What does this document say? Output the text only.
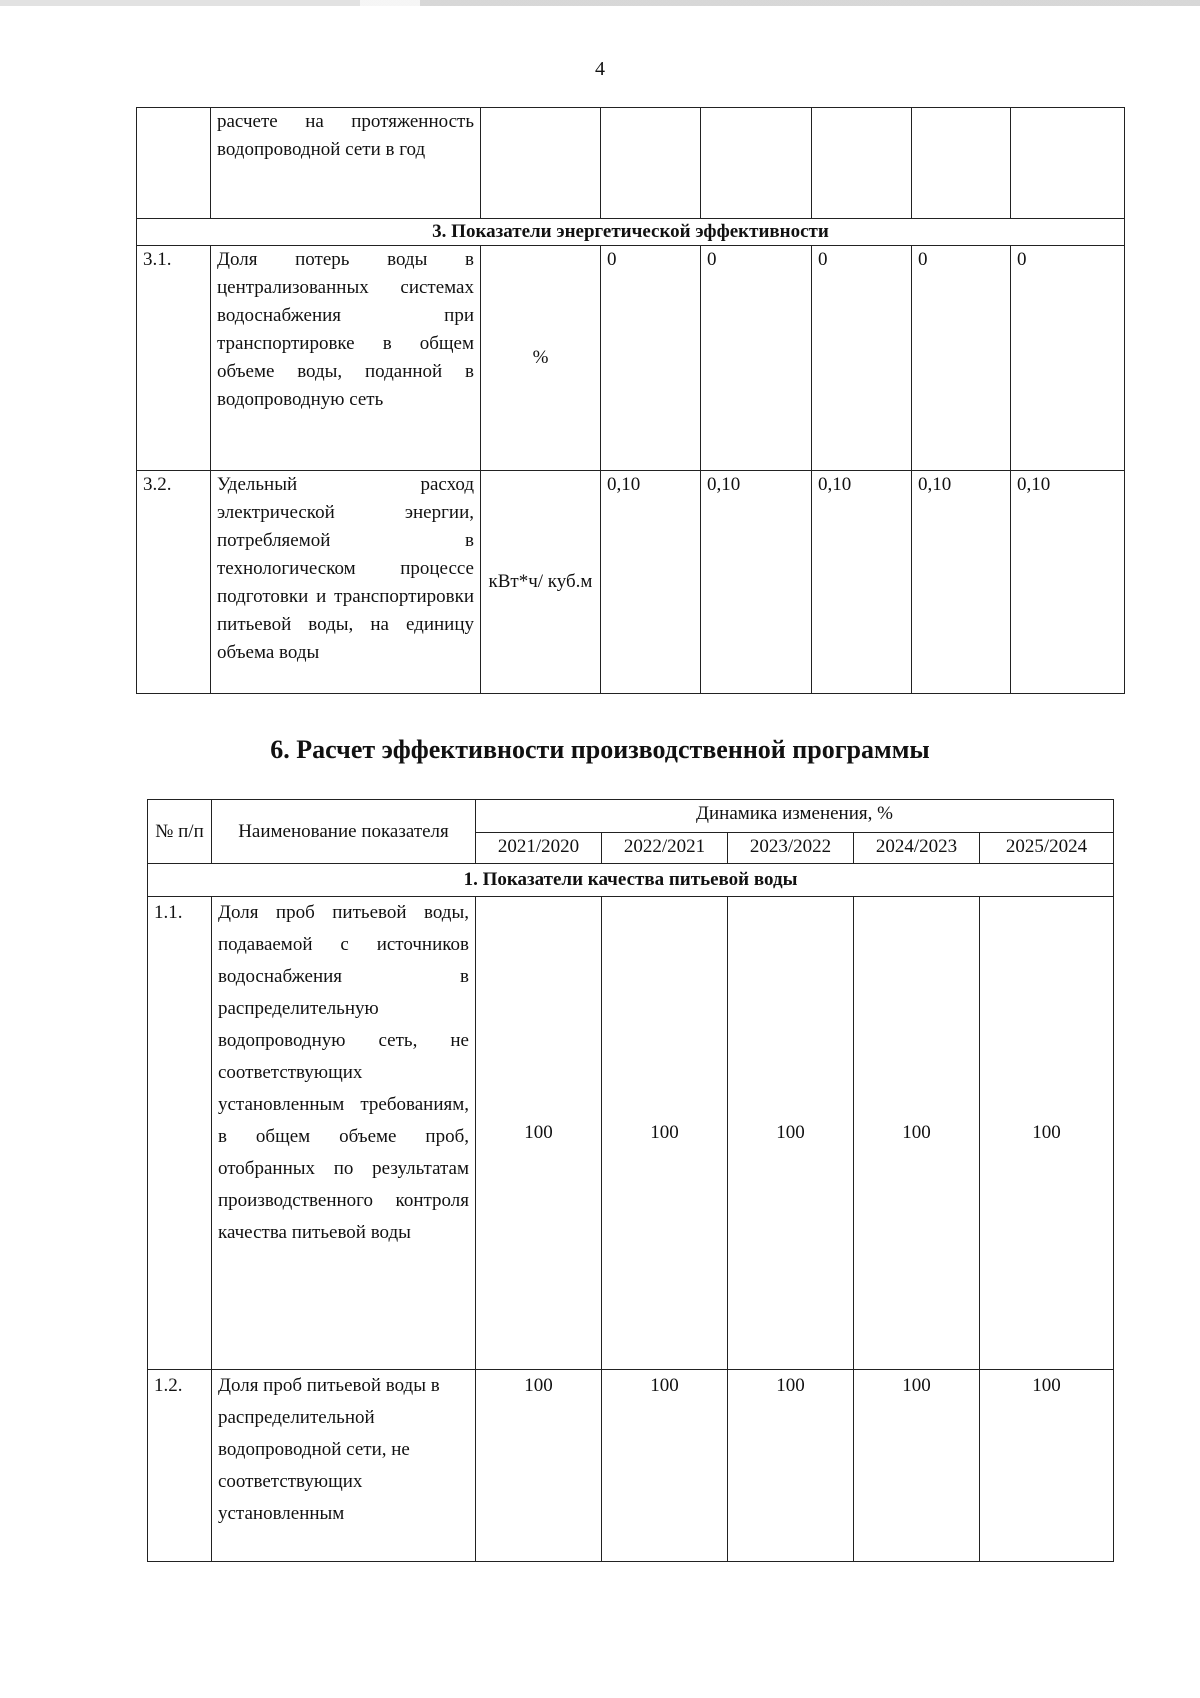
4
	расчете на протяженность водопроводной сети в год						
3. Показатели энергетической эффективности							
3.1.	Доля потерь воды в централизованных системах водоснабжения при транспортировке в общем объеме воды, поданной в водопроводную сеть	%	0	0	0	0	0
3.2.	Удельный расход электрической энергии, потребляемой в технологическом процессе подготовки и транспортировки питьевой воды, на единицу объема воды	кВт*ч/ куб.м	0,10	0,10	0,10	0,10	0,10
6. Расчет эффективности производственной программы
№ п/п	Наименование показателя	Динамика изменения, %				
		2021/2020	2022/2021	2023/2022	2024/2023	2025/2024
1. Показатели качества питьевой воды						
1.1.	Доля проб питьевой воды, подаваемой с источников водоснабжения в распределительную водопроводную сеть, не соответствующих установленным требованиям, в общем объеме проб, отобранных по результатам производственного контроля качества питьевой воды	100	100	100	100	100
1.2.	Доля проб питьевой воды в распределительной водопроводной сети, не соответствующих установленным	100	100	100	100	100
